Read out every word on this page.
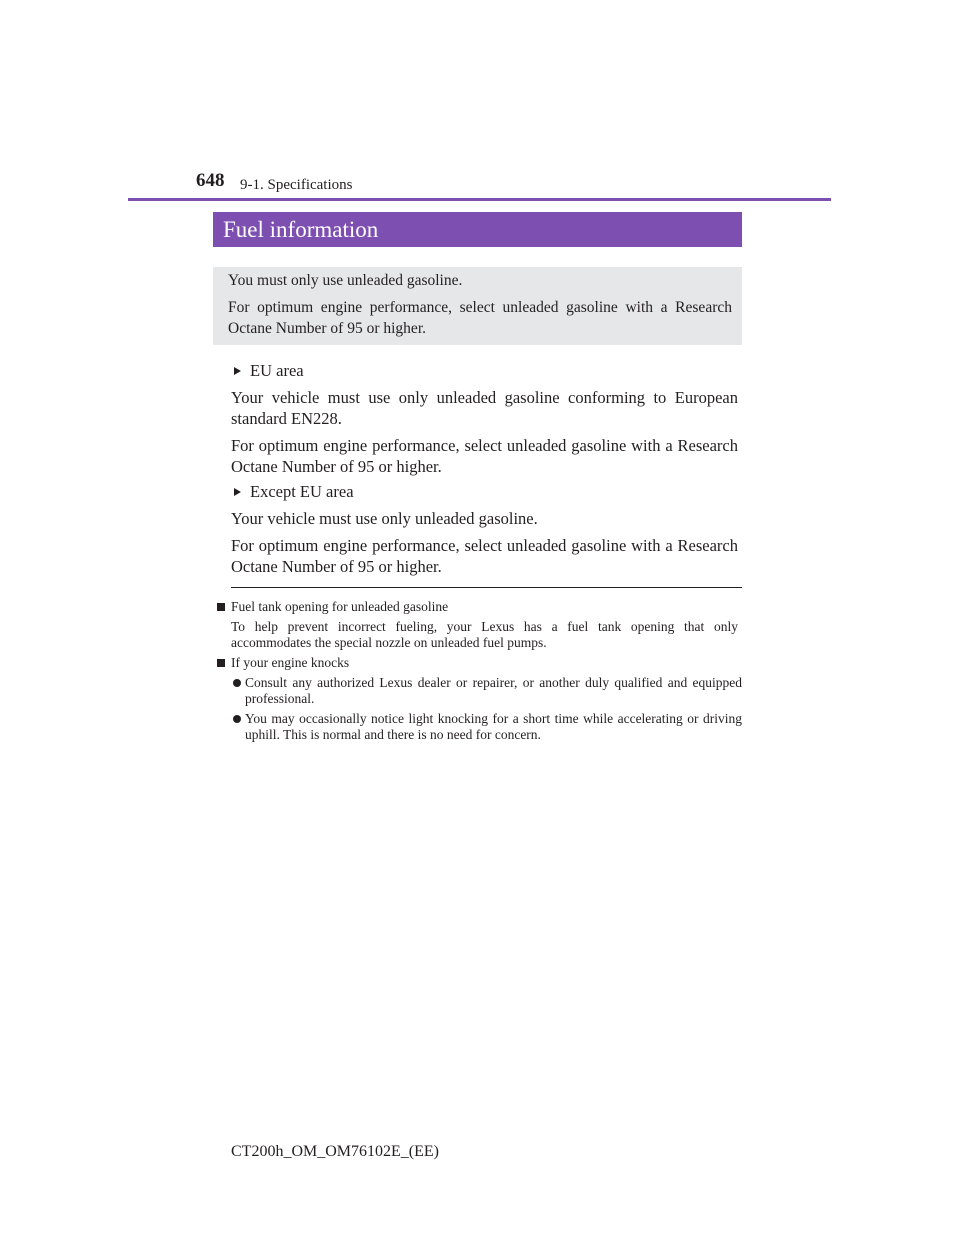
648 9-1. Specifications
Fuel information

You must only use unleaded gasoline.

For optimum engine performance, select unleaded gasoline with a Research Octane Number of 95 or higher.

EU area

Your vehicle must use only unleaded gasoline conforming to European standard EN228.

For optimum engine performance, select unleaded gasoline with a Research Octane Number of 95 or higher.

Except EU area

Your vehicle must use only unleaded gasoline.

For optimum engine performance, select unleaded gasoline with a Research Octane Number of 95 or higher.

Fuel tank opening for unleaded gasoline
To help prevent incorrect fueling, your Lexus has a fuel tank opening that only accommodates the special nozzle on unleaded fuel pumps.
If your engine knocks
Consult any authorized Lexus dealer or repairer, or another duly qualified and equipped professional.
You may occasionally notice light knocking for a short time while accelerating or driving uphill. This is normal and there is no need for concern.
CT200h_OM_OM76102E_(EE)
